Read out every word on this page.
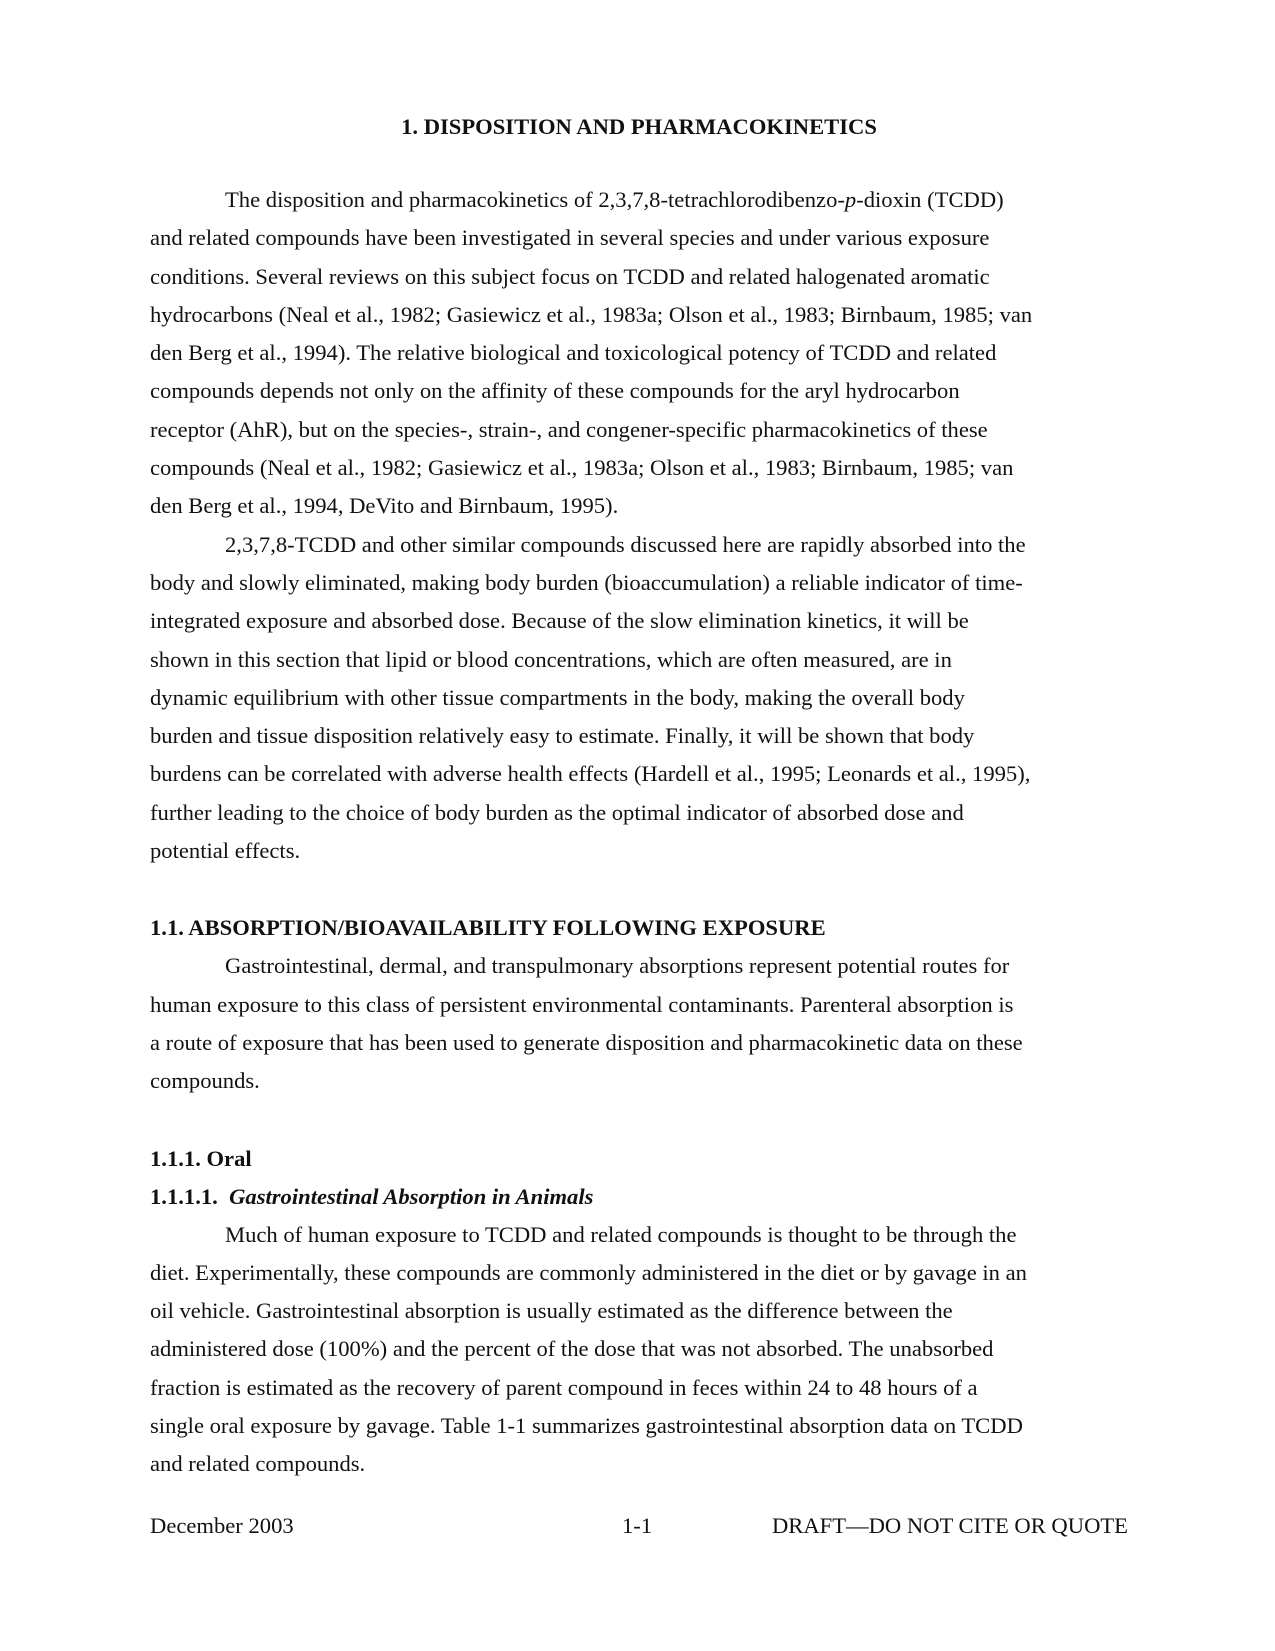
1. DISPOSITION AND PHARMACOKINETICS
The disposition and pharmacokinetics of 2,3,7,8-tetrachlorodibenzo-p-dioxin (TCDD)
and related compounds have been investigated in several species and under various exposure
conditions. Several reviews on this subject focus on TCDD and related halogenated aromatic
hydrocarbons (Neal et al., 1982; Gasiewicz et al., 1983a; Olson et al., 1983; Birnbaum, 1985; van
den Berg et al., 1994). The relative biological and toxicological potency of TCDD and related
compounds depends not only on the affinity of these compounds for the aryl hydrocarbon
receptor (AhR), but on the species-, strain-, and congener-specific pharmacokinetics of these
compounds (Neal et al., 1982; Gasiewicz et al., 1983a; Olson et al., 1983; Birnbaum, 1985; van
den Berg et al., 1994, DeVito and Birnbaum, 1995).
2,3,7,8-TCDD and other similar compounds discussed here are rapidly absorbed into the
body and slowly eliminated, making body burden (bioaccumulation) a reliable indicator of time-
integrated exposure and absorbed dose. Because of the slow elimination kinetics, it will be
shown in this section that lipid or blood concentrations, which are often measured, are in
dynamic equilibrium with other tissue compartments in the body, making the overall body
burden and tissue disposition relatively easy to estimate. Finally, it will be shown that body
burdens can be correlated with adverse health effects (Hardell et al., 1995; Leonards et al., 1995),
further leading to the choice of body burden as the optimal indicator of absorbed dose and
potential effects.
1.1. ABSORPTION/BIOAVAILABILITY FOLLOWING EXPOSURE
Gastrointestinal, dermal, and transpulmonary absorptions represent potential routes for
human exposure to this class of persistent environmental contaminants. Parenteral absorption is
a route of exposure that has been used to generate disposition and pharmacokinetic data on these
compounds.
1.1.1. Oral
1.1.1.1. Gastrointestinal Absorption in Animals
Much of human exposure to TCDD and related compounds is thought to be through the
diet. Experimentally, these compounds are commonly administered in the diet or by gavage in an
oil vehicle. Gastrointestinal absorption is usually estimated as the difference between the
administered dose (100%) and the percent of the dose that was not absorbed. The unabsorbed
fraction is estimated as the recovery of parent compound in feces within 24 to 48 hours of a
single oral exposure by gavage. Table 1-1 summarizes gastrointestinal absorption data on TCDD
and related compounds.
December 2003	1-1	DRAFT—DO NOT CITE OR QUOTE
